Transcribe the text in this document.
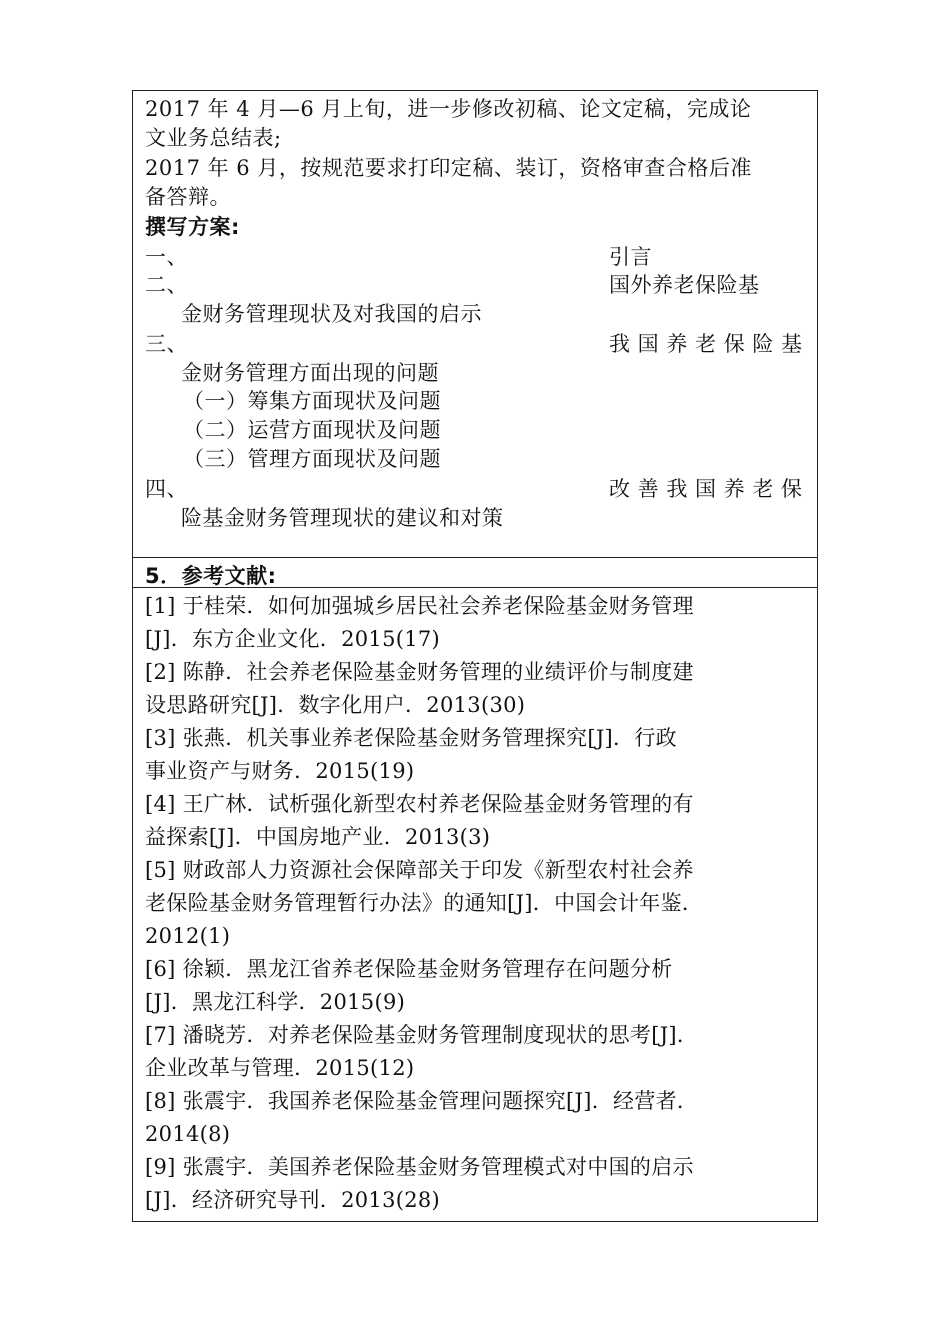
2017 年 4 月—6 月上旬，进一步修改初稿、论文定稿，完成论
文业务总结表;
2017 年 6 月，按规范要求打印定稿、装订，资格审查合格后准
备答辩。
撰写方案:
一、	引言
二、	国外养老保险基
金财务管理现状及对我国的启示
三、	我 国 养 老 保 险 基
金财务管理方面出现的问题
（一）筹集方面现状及问题
（二）运营方面现状及问题
（三）管理方面现状及问题
四、	改 善 我 国 养 老 保
险基金财务管理现状的建议和对策
5．参考文献:
[1] 于桂荣．如何加强城乡居民社会养老保险基金财务管理
[J]．东方企业文化．2015(17)
[2] 陈静．社会养老保险基金财务管理的业绩评价与制度建
设思路研究[J]．数字化用户．2013(30)
[3] 张燕．机关事业养老保险基金财务管理探究[J]．行政
事业资产与财务．2015(19)
[4] 王广林．试析强化新型农村养老保险基金财务管理的有
益探索[J]．中国房地产业．2013(3)
[5] 财政部人力资源社会保障部关于印发《新型农村社会养
老保险基金财务管理暂行办法》的通知[J]．中国会计年鉴．
2012(1)
[6] 徐颖．黑龙江省养老保险基金财务管理存在问题分析
[J]．黑龙江科学．2015(9)
[7] 潘晓芳．对养老保险基金财务管理制度现状的思考[J]．
企业改革与管理．2015(12)
[8] 张震宇．我国养老保险基金管理问题探究[J]．经营者．
2014(8)
[9] 张震宇．美国养老保险基金财务管理模式对中国的启示
[J]．经济研究导刊．2013(28)
